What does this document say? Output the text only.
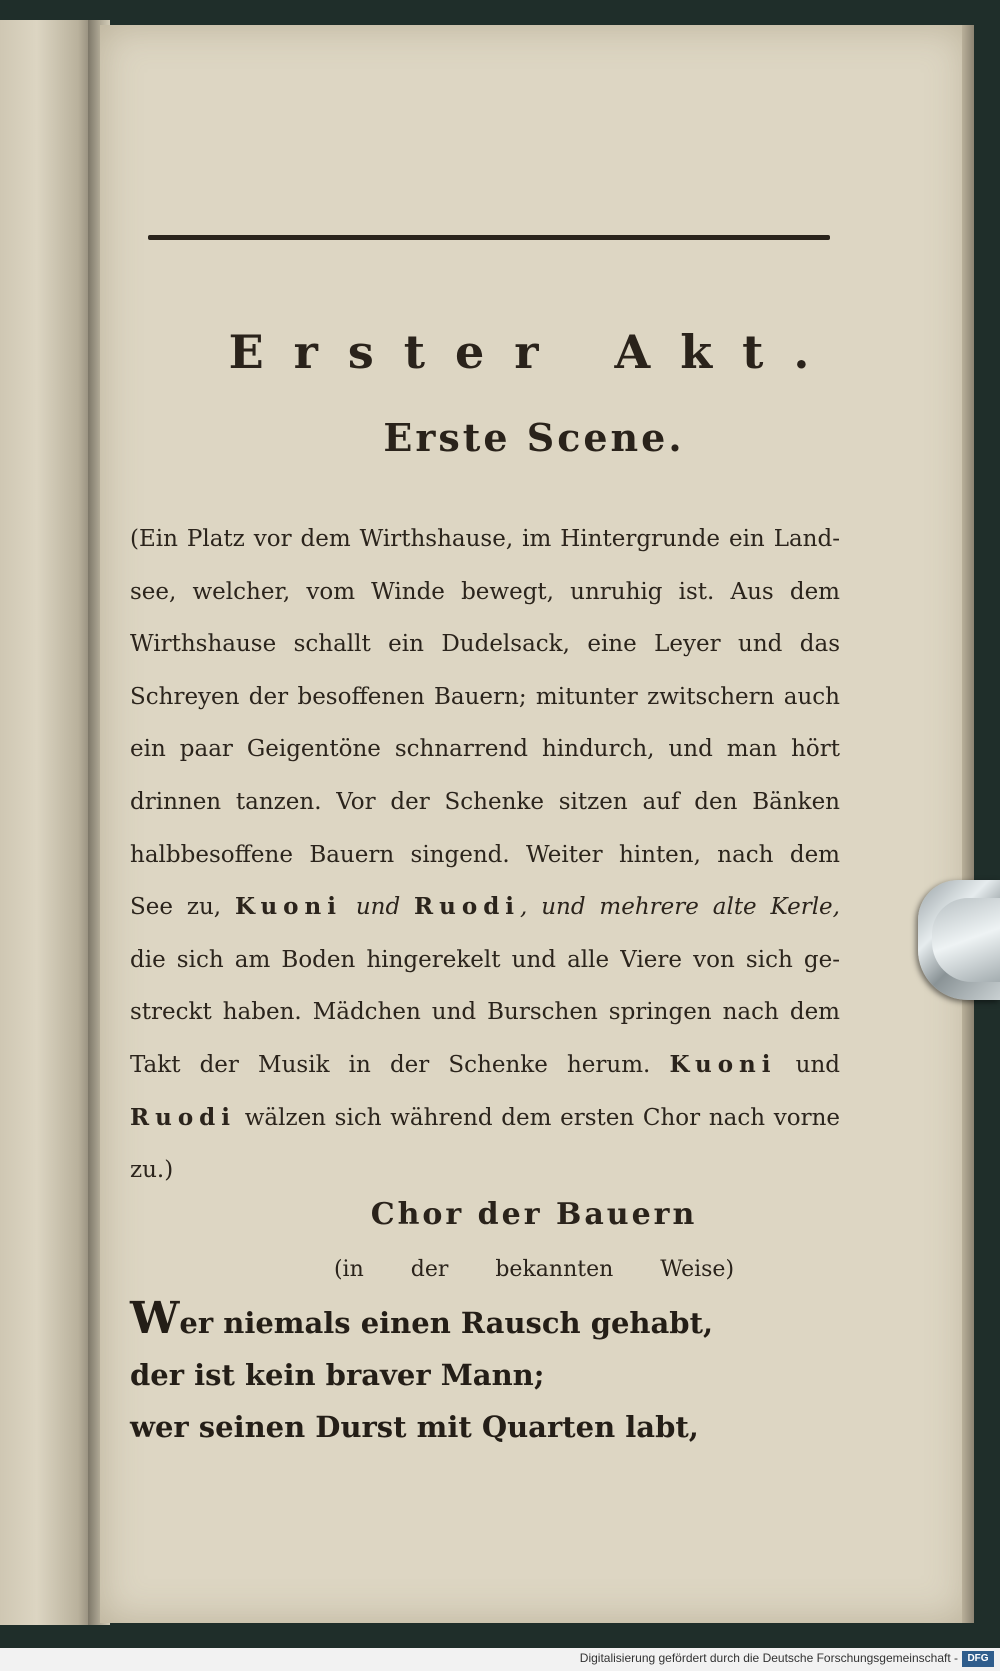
Erster Akt.
Erste Scene.
(Ein Platz vor dem Wirthshause, im Hintergrunde ein Land-
see, welcher, vom Winde bewegt, unruhig ist. Aus dem
Wirthshause schallt ein Dudelsack, eine Leyer und das
Schreyen der besoffenen Bauern; mitunter zwitschern auch
ein paar Geigentöne schnarrend hindurch, und man hört
drinnen tanzen. Vor der Schenke sitzen auf den Bänken
halbbesoffene Bauern singend. Weiter hinten, nach dem
See zu, Kuoni und Ruodi, und mehrere alte Kerle,
die sich am Boden hingerekelt und alle Viere von sich ge-
streckt haben. Mädchen und Burschen springen nach dem
Takt der Musik in der Schenke herum. Kuoni und
Ruodi wälzen sich während dem ersten Chor nach vorne
zu.)
Chor der Bauern
(in der bekannten Weise)
Wer niemals einen Rausch gehabt,
der ist kein braver Mann;
wer seinen Durst mit Quarten labt,
Digitalisierung gefördert durch die Deutsche Forschungsgemeinschaft - DFG
